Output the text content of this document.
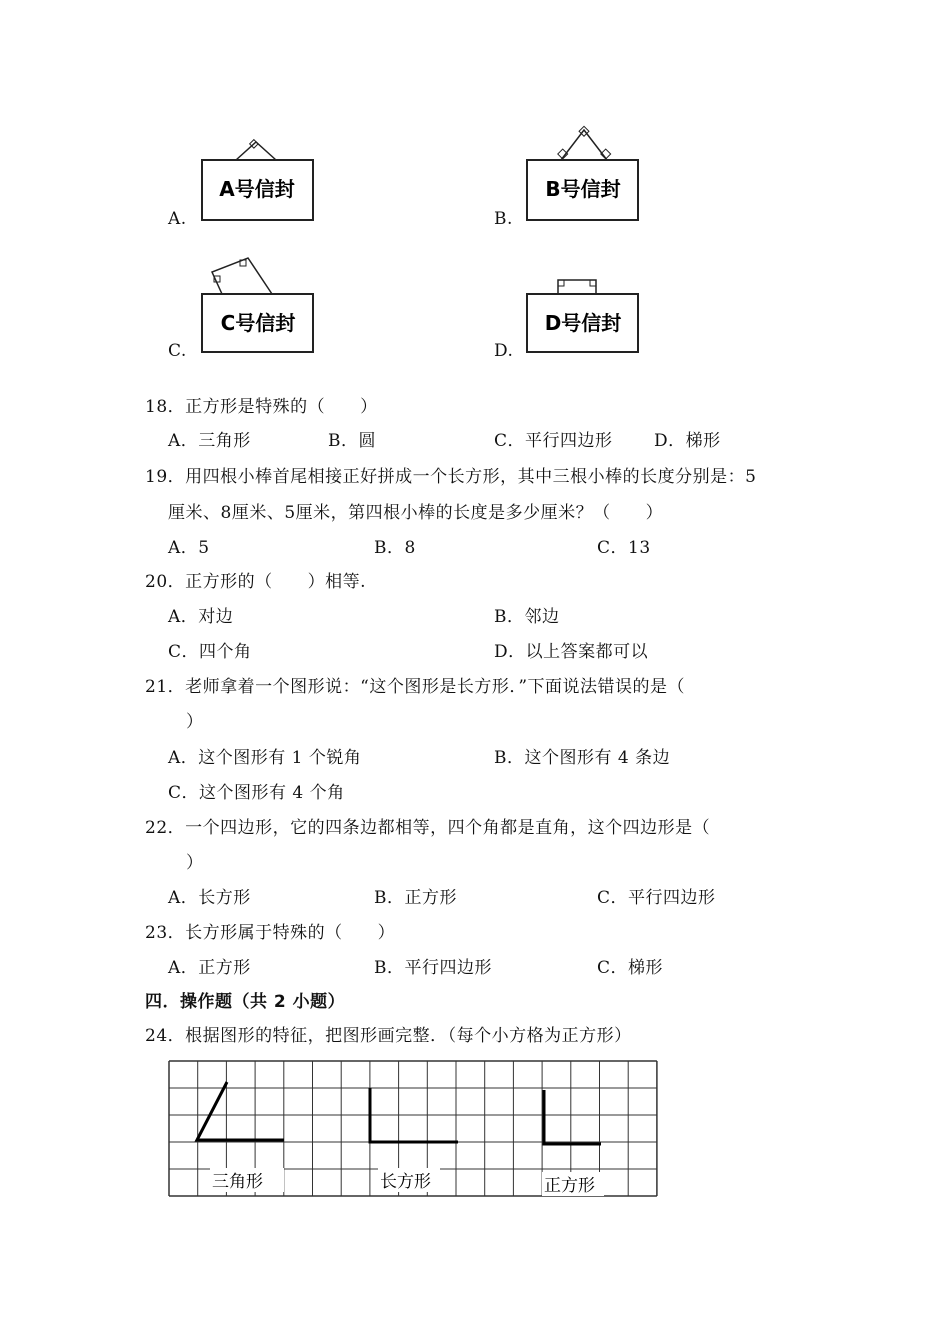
A.
A号信封
B.
B号信封
C.
C号信封
D.
D号信封
18．正方形是特殊的（　　）
A．三角形	B．圆	C．平行四边形 D．梯形
19．用四根小棒首尾相接正好拼成一个长方形，其中三根小棒的长度分别是：5
厘米、8厘米、5厘米，第四根小棒的长度是多少厘米？（　　）
A．5	B．8	C．13
20．正方形的（　　）相等.
A．对边	B．邻边
C．四个角	D．以上答案都可以
21．老师拿着一个图形说：“这个图形是长方形．”下面说法错误的是（
）
A．这个图形有 1 个锐角	B．这个图形有 4 条边
C．这个图形有 4 个角
22．一个四边形，它的四条边都相等，四个角都是直角，这个四边形是（
）
A．长方形	B．正方形	C．平行四边形
23．长方形属于特殊的（　　）
A．正方形	B．平行四边形	C．梯形
四．操作题（共 2 小题）
24．根据图形的特征，把图形画完整．（每个小方格为正方形）
三角形	长方形	正方形
